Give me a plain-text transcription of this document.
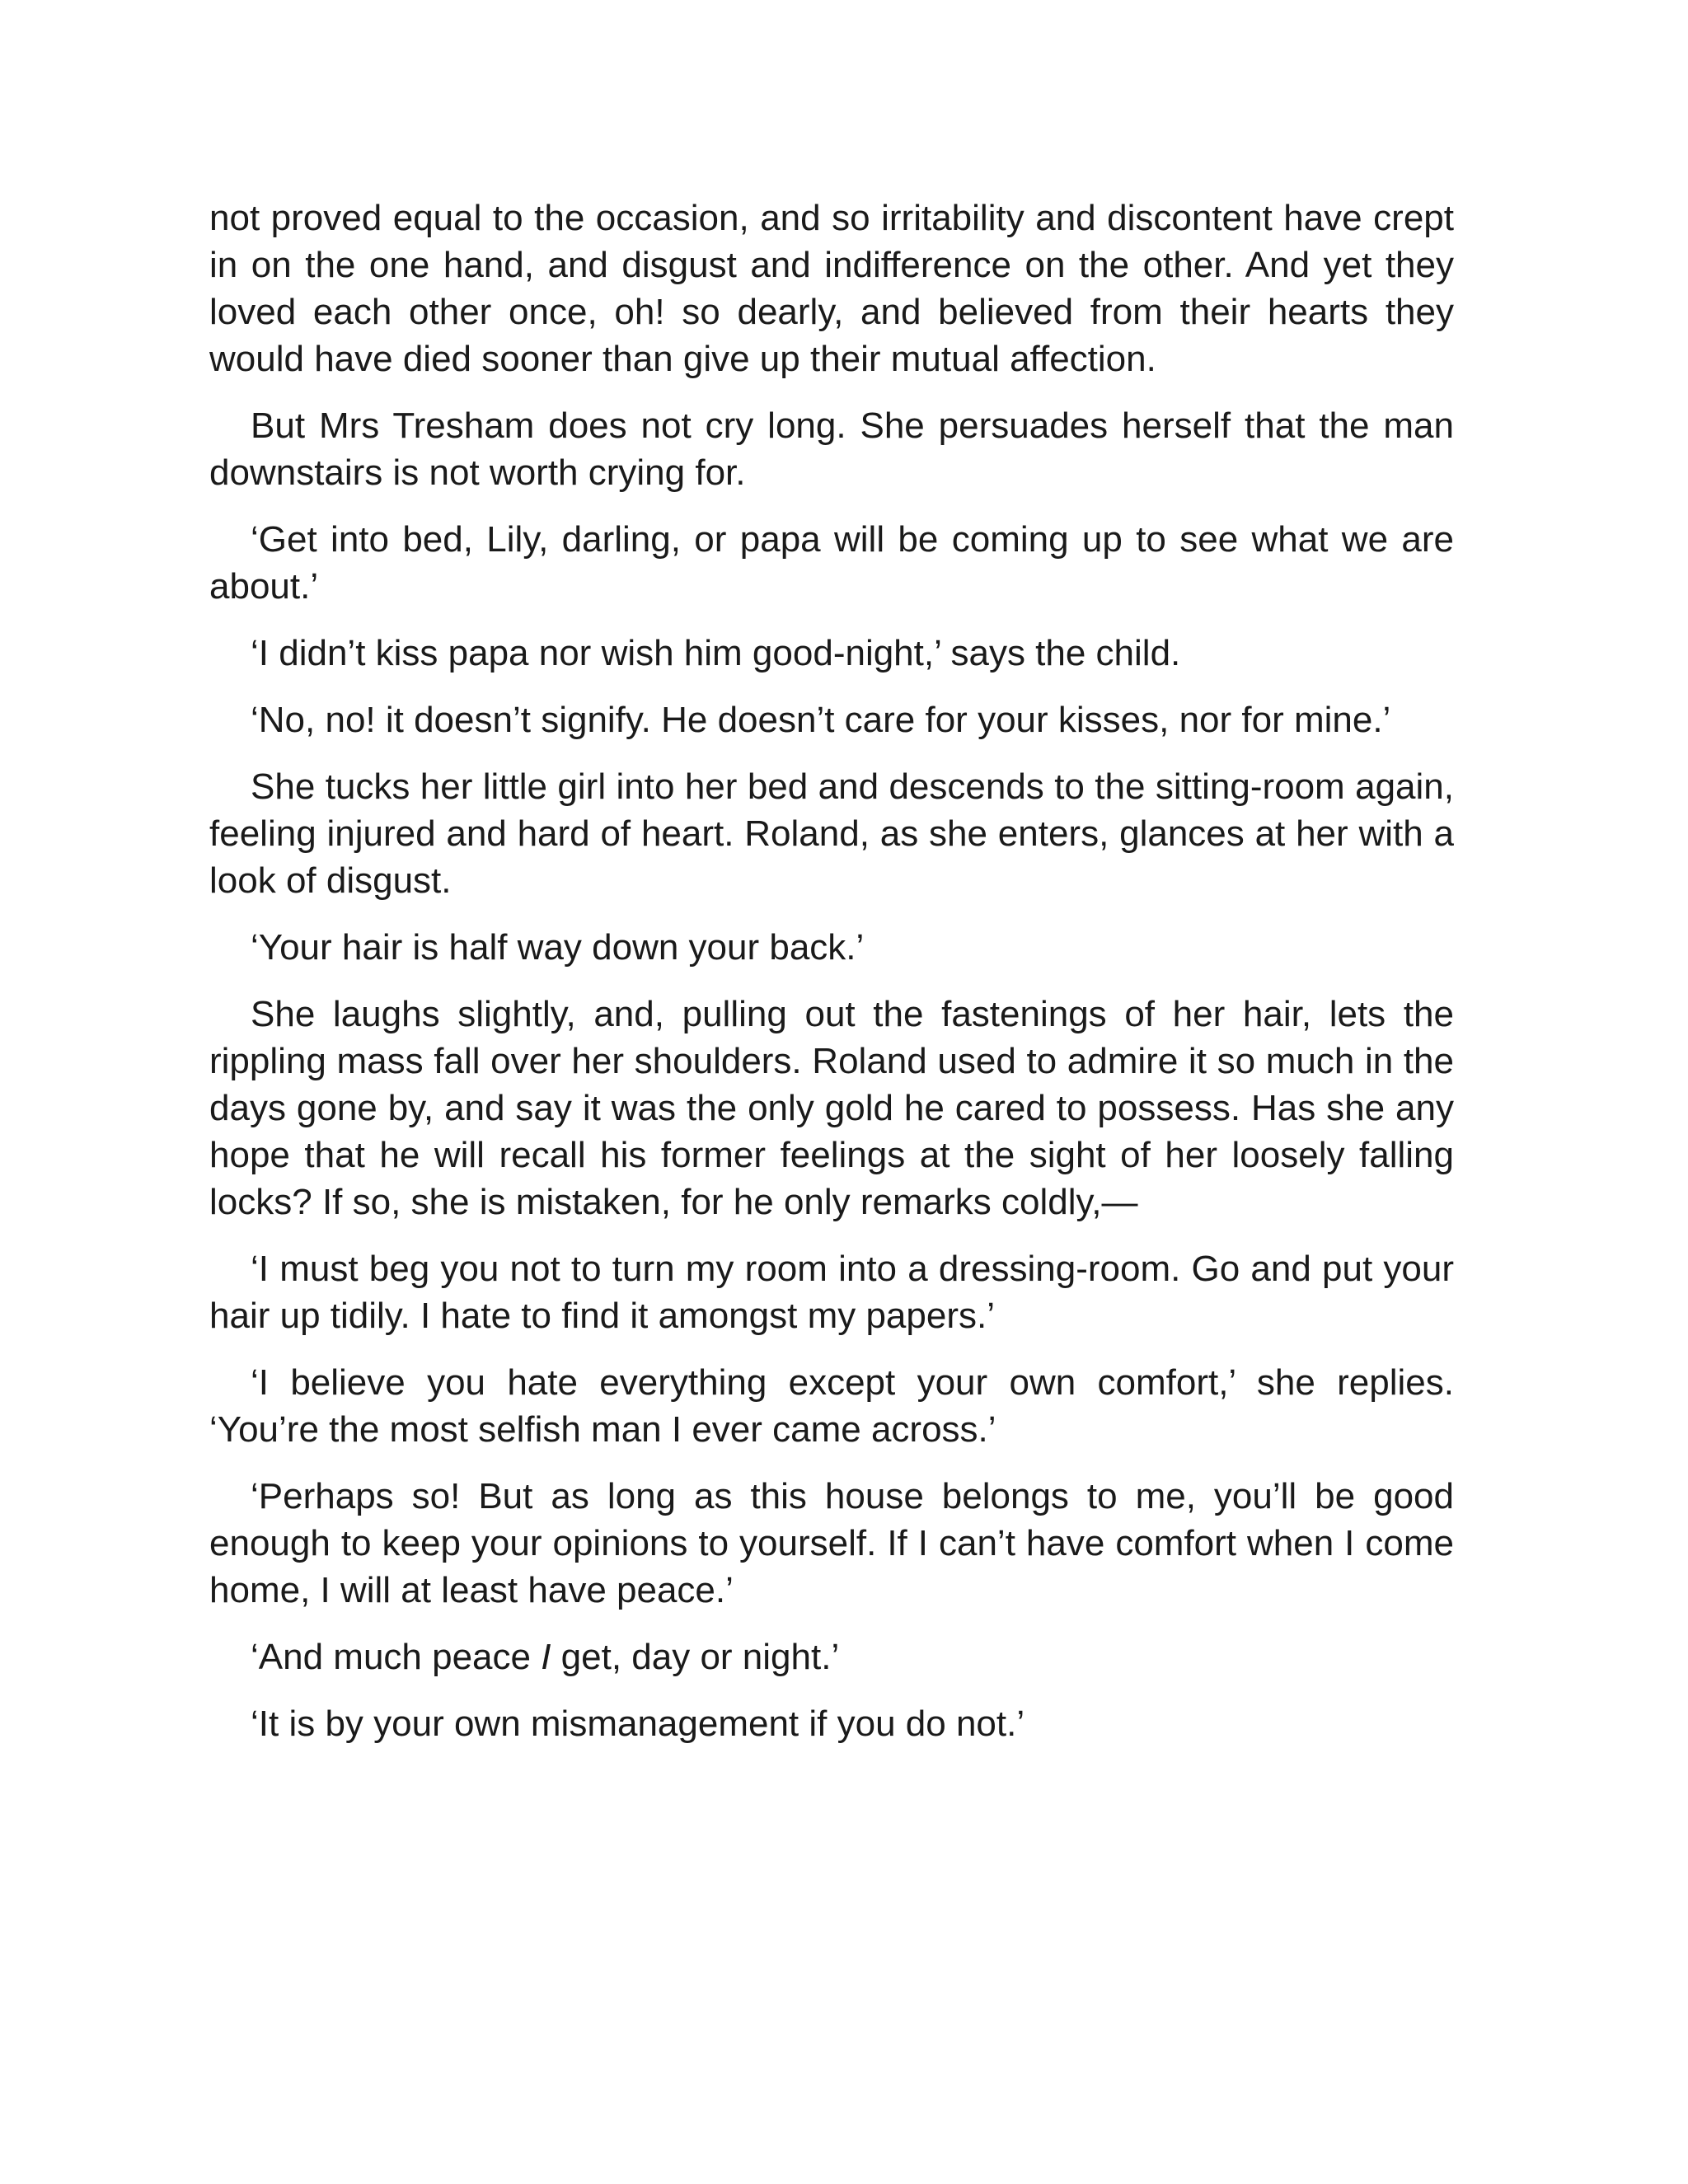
not proved equal to the occasion, and so irritability and discontent have crept in on the one hand, and disgust and indifference on the other. And yet they loved each other once, oh! so dearly, and believed from their hearts they would have died sooner than give up their mutual affection.

But Mrs Tresham does not cry long. She persuades herself that the man downstairs is not worth crying for.

‘Get into bed, Lily, darling, or papa will be coming up to see what we are about.’

‘I didn’t kiss papa nor wish him good-night,’ says the child.

‘No, no! it doesn’t signify. He doesn’t care for your kisses, nor for mine.’

She tucks her little girl into her bed and descends to the sitting-room again, feeling injured and hard of heart. Roland, as she enters, glances at her with a look of disgust.

‘Your hair is half way down your back.’

She laughs slightly, and, pulling out the fastenings of her hair, lets the rippling mass fall over her shoulders. Roland used to admire it so much in the days gone by, and say it was the only gold he cared to possess. Has she any hope that he will recall his former feelings at the sight of her loosely falling locks? If so, she is mistaken, for he only remarks coldly,—

‘I must beg you not to turn my room into a dressing-room. Go and put your hair up tidily. I hate to find it amongst my papers.’

‘I believe you hate everything except your own comfort,’ she replies. ‘You’re the most selfish man I ever came across.’

‘Perhaps so! But as long as this house belongs to me, you’ll be good enough to keep your opinions to yourself. If I can’t have comfort when I come home, I will at least have peace.’

‘And much peace I get, day or night.’

‘It is by your own mismanagement if you do not.’
